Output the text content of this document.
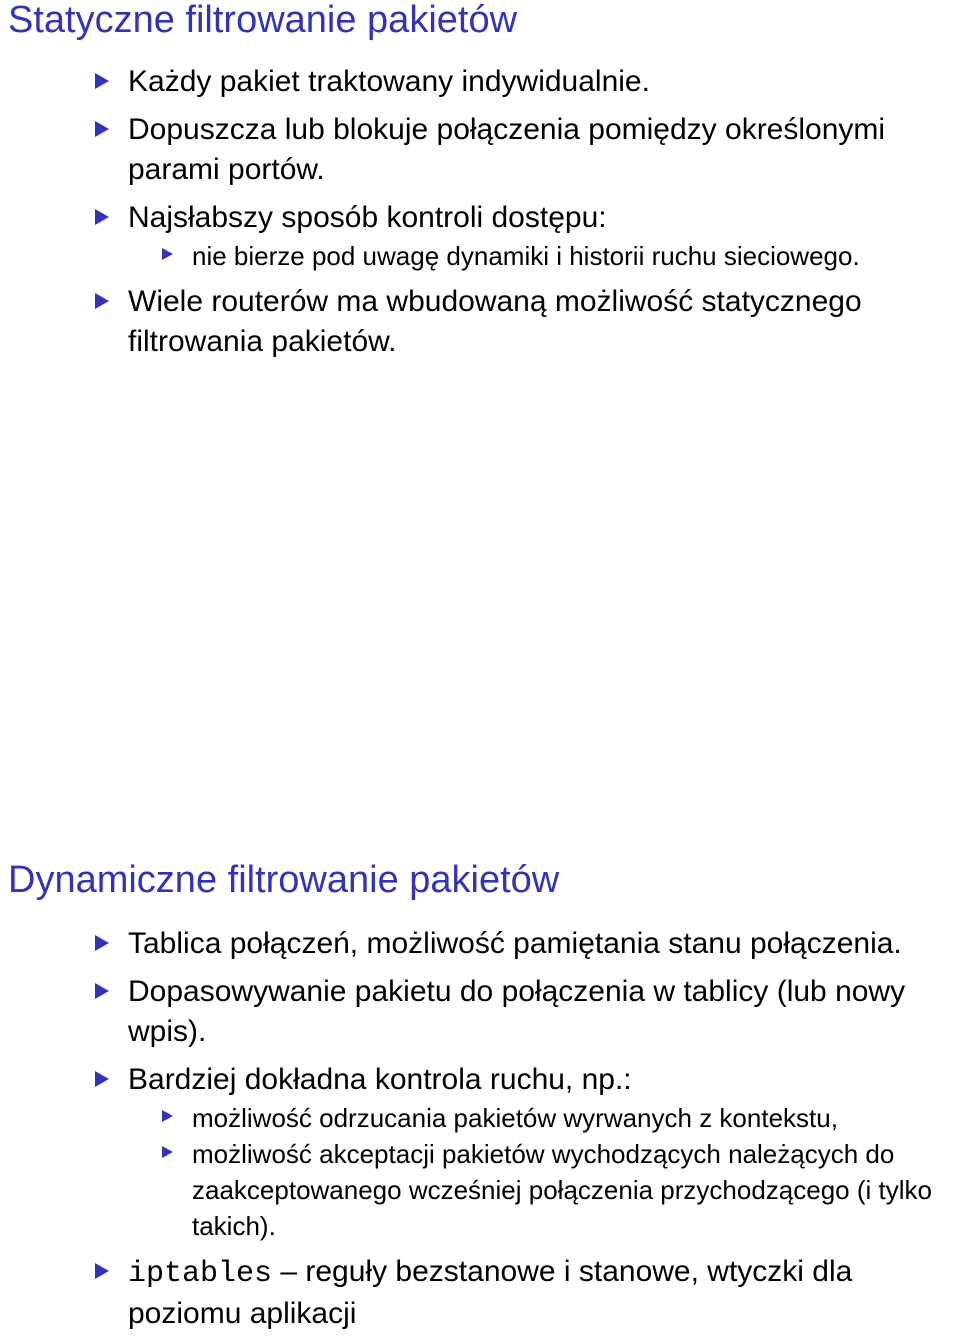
Statyczne filtrowanie pakietów
Każdy pakiet traktowany indywidualnie.
Dopuszcza lub blokuje połączenia pomiędzy określonymi parami portów.
Najsłabszy sposób kontroli dostępu:
nie bierze pod uwagę dynamiki i historii ruchu sieciowego.
Wiele routerów ma wbudowaną możliwość statycznego filtrowania pakietów.
Dynamiczne filtrowanie pakietów
Tablica połączeń, możliwość pamiętania stanu połączenia.
Dopasowywanie pakietu do połączenia w tablicy (lub nowy wpis).
Bardziej dokładna kontrola ruchu, np.:
możliwość odrzucania pakietów wyrwanych z kontekstu,
możliwość akceptacji pakietów wychodzących należących do zaakceptowanego wcześniej połączenia przychodzącego (i tylko takich).
iptables – reguły bezstanowe i stanowe, wtyczki dla poziomu aplikacji
